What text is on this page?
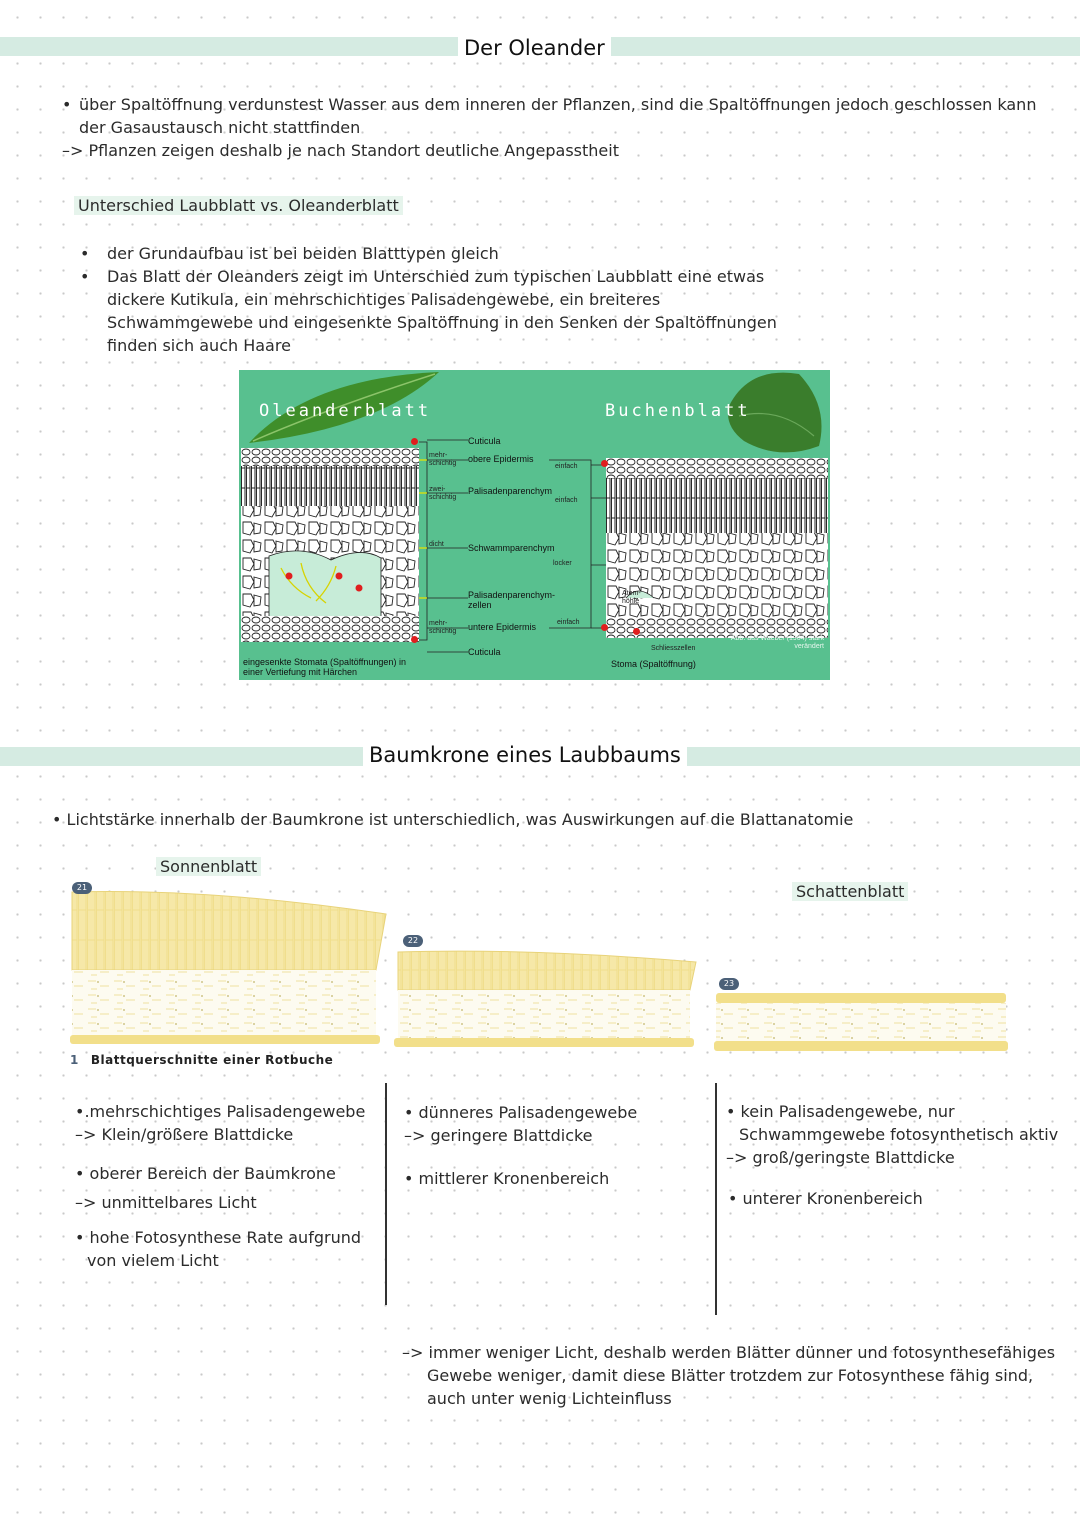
Der Oleander
• über Spaltöffnung verdunstest Wasser aus dem inneren der Pflanzen, sind die Spaltöffnungen jedoch geschlossen kann der Gasaustausch nicht stattfinden
–> Pflanzen zeigen deshalb je nach Standort deutliche Angepasstheit
Unterschied Laubblatt vs. Oleanderblatt
•	der Grundaufbau ist bei beiden Blatttypen gleich
•	Das Blatt der Oleanders zeigt im Unterschied zum typischen Laubblatt eine etwas dickere Kutikula, ein mehrschichtiges Palisadengewebe, ein breiteres Schwammgewebe und eingesenkte Spaltöffnung in den Senken der Spaltöffnungen finden sich auch Haare
Oleanderblatt	Buchenblatt
mehr-schichtig
zwei-schichtig
dicht
mehr-schichtig
Cuticula
obere Epidermis
Palisadenparenchym
Schwammparenchym
Palisadenparenchym-zellen
untere Epidermis
Cuticula
einfach
einfach
locker
einfach
Atem-höhle
Schliesszellen
Abb. aus Waeber (1904) stark verändert
eingesenkte Stomata (Spaltöffnungen) in einer Vertiefung mit Härchen
Stoma (Spaltöffnung)
Baumkrone eines Laubbaums
• Lichtstärke innerhalb der Baumkrone ist unterschiedlich, was Auswirkungen auf die Blattanatomie
Sonnenblatt
Schattenblatt
21
22
23
1 Blattquerschnitte einer Rotbuche
•.mehrschichtiges Palisadengewebe
–> Klein/größere Blattdicke
• oberer Bereich der Baumkrone
–> unmittelbares Licht
• hohe Fotosynthese Rate aufgrund
von vielem Licht
• dünneres Palisadengewebe
–> geringere Blattdicke
• mittlerer Kronenbereich
• kein Palisadengewebe, nur
Schwammgewebe fotosynthetisch aktiv
–> groß/geringste Blattdicke
• unterer Kronenbereich
–> immer weniger Licht, deshalb werden Blätter dünner und fotosynthesefähiges
Gewebe weniger, damit diese Blätter trotzdem zur Fotosynthese fähig sind,
auch unter wenig Lichteinfluss
